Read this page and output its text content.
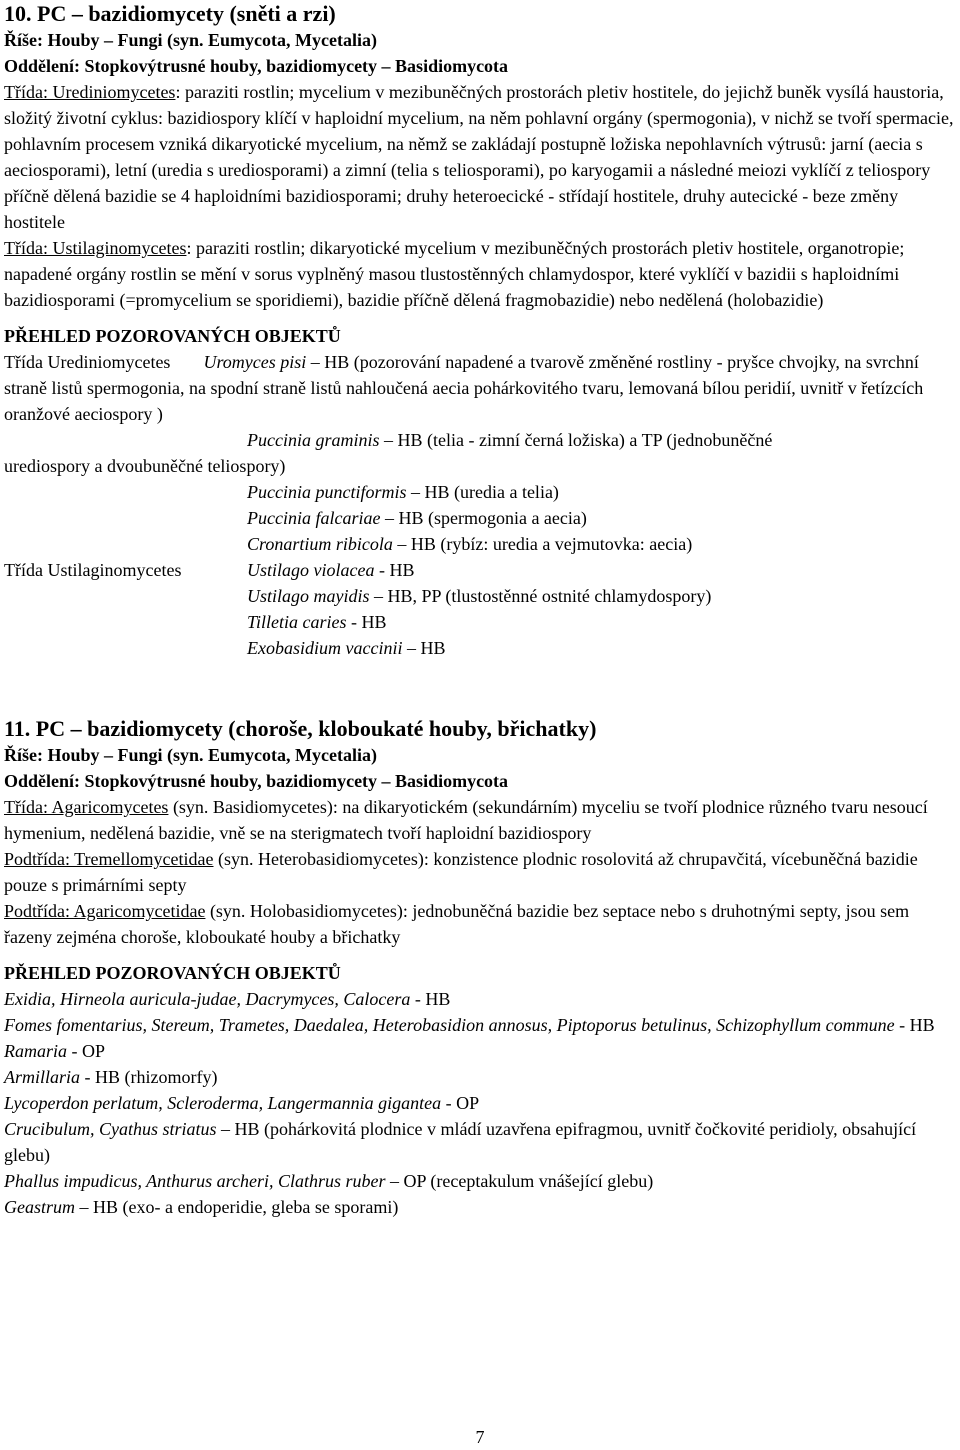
10. PC – bazidiomycety (sněti a rzi)

Říše: Houby – Fungi (syn. Eumycota, Mycetalia)

Oddělení: Stopkovýtrusné houby, bazidiomycety – Basidiomycota

Třída: Urediniomycetes: paraziti rostlin; mycelium v mezibuněčných prostorách pletiv hostitele, do jejichž buněk vysílá haustoria, složitý životní cyklus: bazidiospory klíčí v haploidní mycelium, na něm pohlavní orgány (spermogonia), v nichž se tvoří spermacie, pohlavním procesem vzniká dikaryotické mycelium, na němž se zakládají postupně ložiska nepohlavních výtrusů: jarní (aecia s aeciosporami), letní (uredia s urediosporami) a zimní (telia s teliosporami), po karyogamii a následné meiozi vyklíčí z teliospory příčně dělená bazidie se 4 haploidními bazidiosporami; druhy heteroecické - střídají hostitele, druhy autecické - beze změny hostitele

Třída: Ustilaginomycetes: paraziti rostlin; dikaryotické mycelium v mezibuněčných prostorách pletiv hostitele, organotropie; napadené orgány rostlin se mění v sorus vyplněný masou tlustostěnných chlamydospor, které vyklíčí v bazidii s haploidními bazidiosporami (=promycelium se sporidiemi), bazidie příčně dělená fragmobazidie) nebo nedělená (holobazidie)

PŘEHLED POZOROVANÝCH OBJEKTŮ

Třída Urediniomycetes Uromyces pisi – HB (pozorování napadené a tvarově změněné rostliny - pryšce chvojky, na svrchní straně listů spermogonia, na spodní straně listů nahloučená aecia pohárkovitého tvaru, lemovaná bílou peridií, uvnitř v řetízcích oranžové aeciospory )

Puccinia graminis – HB (telia - zimní černá ložiska) a TP (jednobuněčné

urediospory a dvoubuněčné teliospory)

Puccinia punctiformis – HB (uredia a telia)

Puccinia falcariae – HB (spermogonia a aecia)

Cronartium ribicola – HB (rybíz: uredia a vejmutovka: aecia)

Třída Ustilaginomycetes	Ustilago violacea - HB

Ustilago mayidis – HB, PP (tlustostěnné ostnité chlamydospory)

Tilletia caries - HB

Exobasidium vaccinii – HB

11. PC – bazidiomycety (choroše, kloboukaté houby, břichatky)

Říše: Houby – Fungi (syn. Eumycota, Mycetalia)

Oddělení: Stopkovýtrusné houby, bazidiomycety – Basidiomycota

Třída: Agaricomycetes (syn. Basidiomycetes): na dikaryotickém (sekundárním) myceliu se tvoří plodnice různého tvaru nesoucí hymenium, nedělená bazidie, vně se na sterigmatech tvoří haploidní bazidiospory

Podtřída: Tremellomycetidae (syn. Heterobasidiomycetes): konzistence plodnic rosolovitá až chrupavčitá, vícebuněčná bazidie pouze s primárními septy

Podtřída: Agaricomycetidae (syn. Holobasidiomycetes): jednobuněčná bazidie bez septace nebo s druhotnými septy, jsou sem řazeny zejména choroše, kloboukaté houby a břichatky

PŘEHLED POZOROVANÝCH OBJEKTŮ

Exidia, Hirneola auricula-judae, Dacrymyces, Calocera - HB

Fomes fomentarius, Stereum, Trametes, Daedalea, Heterobasidion annosus, Piptoporus betulinus, Schizophyllum commune - HB

Ramaria - OP

Armillaria - HB (rhizomorfy)

Lycoperdon perlatum, Scleroderma, Langermannia gigantea - OP

Crucibulum, Cyathus striatus – HB (pohárkovitá plodnice v mládí uzavřena epifragmou, uvnitř čočkovité peridioly, obsahující glebu)

Phallus impudicus, Anthurus archeri, Clathrus ruber – OP (receptakulum vnášející glebu)

Geastrum – HB (exo- a endoperidie, gleba se sporami)

7
